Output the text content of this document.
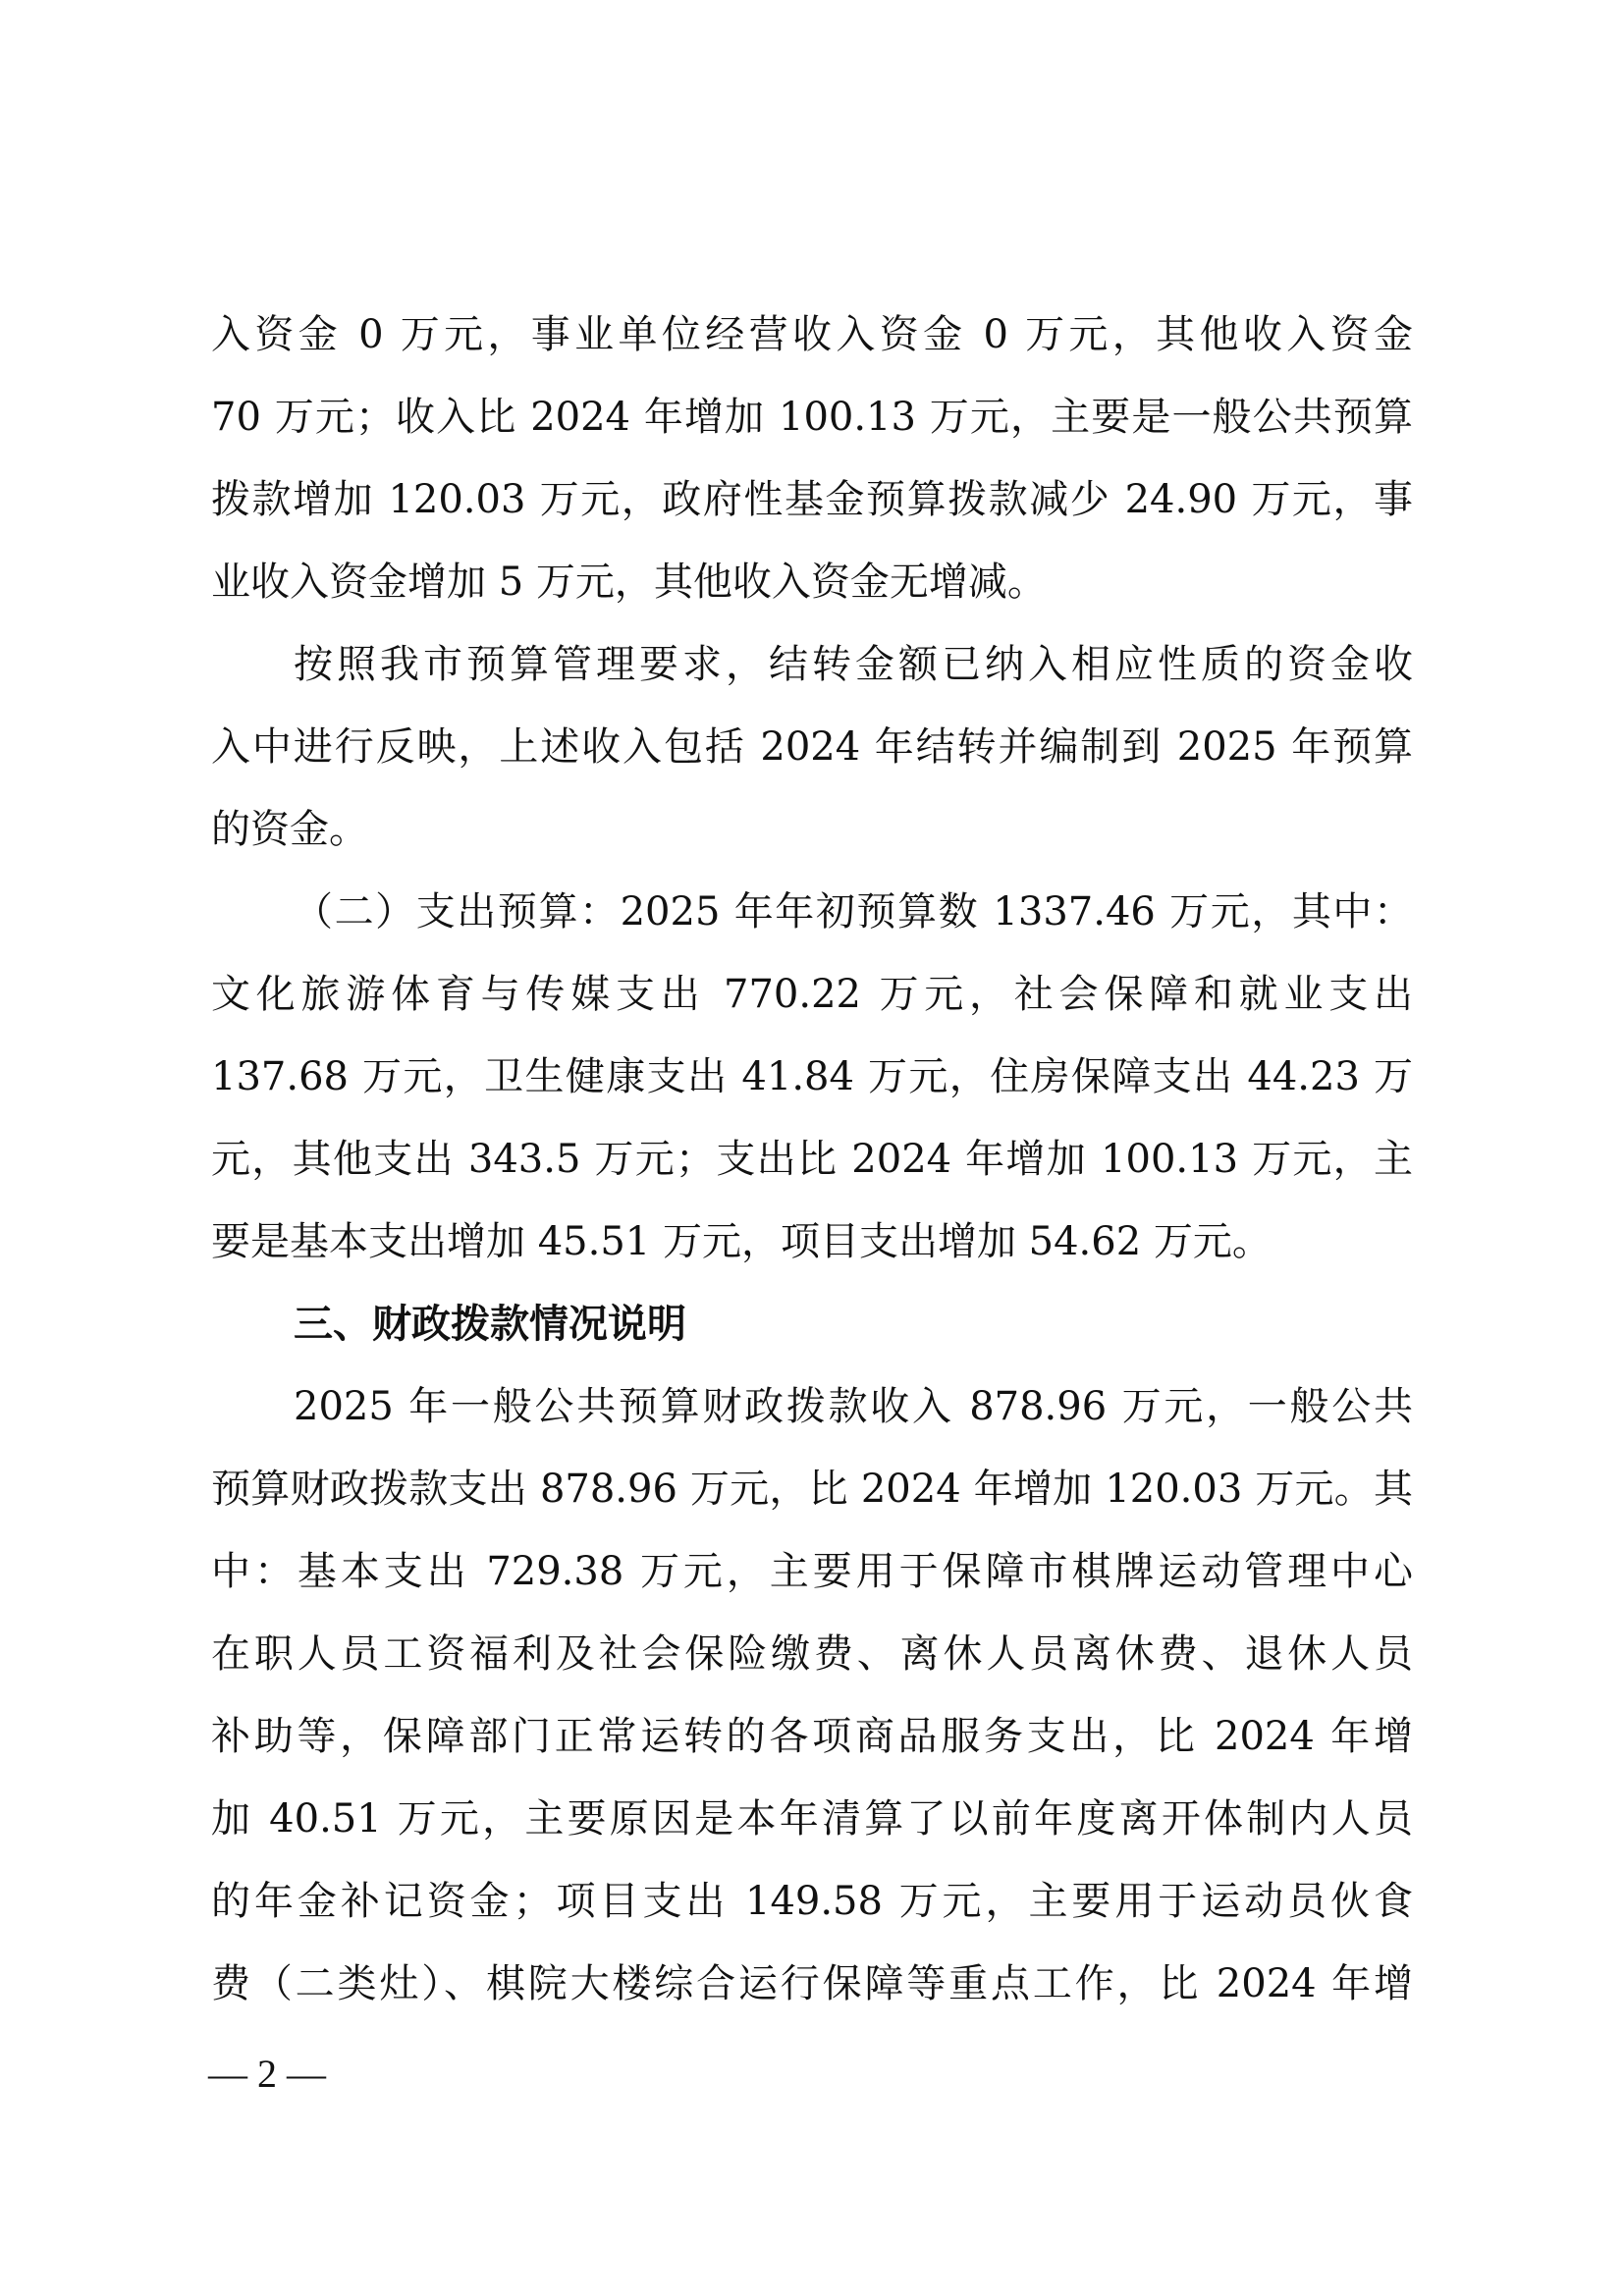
入资金 0 万元，事业单位经营收入资金 0 万元，其他收入资金
70 万元；收入比 2024 年增加 100.13 万元，主要是一般公共预算
拨款增加 120.03 万元，政府性基金预算拨款减少 24.90 万元，事
业收入资金增加 5 万元，其他收入资金无增减。
按照我市预算管理要求，结转金额已纳入相应性质的资金收
入中进行反映，上述收入包括 2024 年结转并编制到 2025 年预算
的资金。
（二）支出预算：2025 年年初预算数 1337.46 万元，其中：
文化旅游体育与传媒支出 770.22 万元，社会保障和就业支出
137.68 万元，卫生健康支出 41.84 万元，住房保障支出 44.23 万
元，其他支出 343.5 万元；支出比 2024 年增加 100.13 万元，主
要是基本支出增加 45.51 万元，项目支出增加 54.62 万元。
三、财政拨款情况说明
2025 年一般公共预算财政拨款收入 878.96 万元，一般公共
预算财政拨款支出 878.96 万元，比 2024 年增加 120.03 万元。其
中：基本支出 729.38 万元，主要用于保障市棋牌运动管理中心
在职人员工资福利及社会保险缴费、离休人员离休费、退休人员
补助等，保障部门正常运转的各项商品服务支出，比 2024 年增
加 40.51 万元，主要原因是本年清算了以前年度离开体制内人员
的年金补记资金；项目支出 149.58 万元，主要用于运动员伙食
费（二类灶）、棋院大楼综合运行保障等重点工作，比 2024 年增
— 2 —
